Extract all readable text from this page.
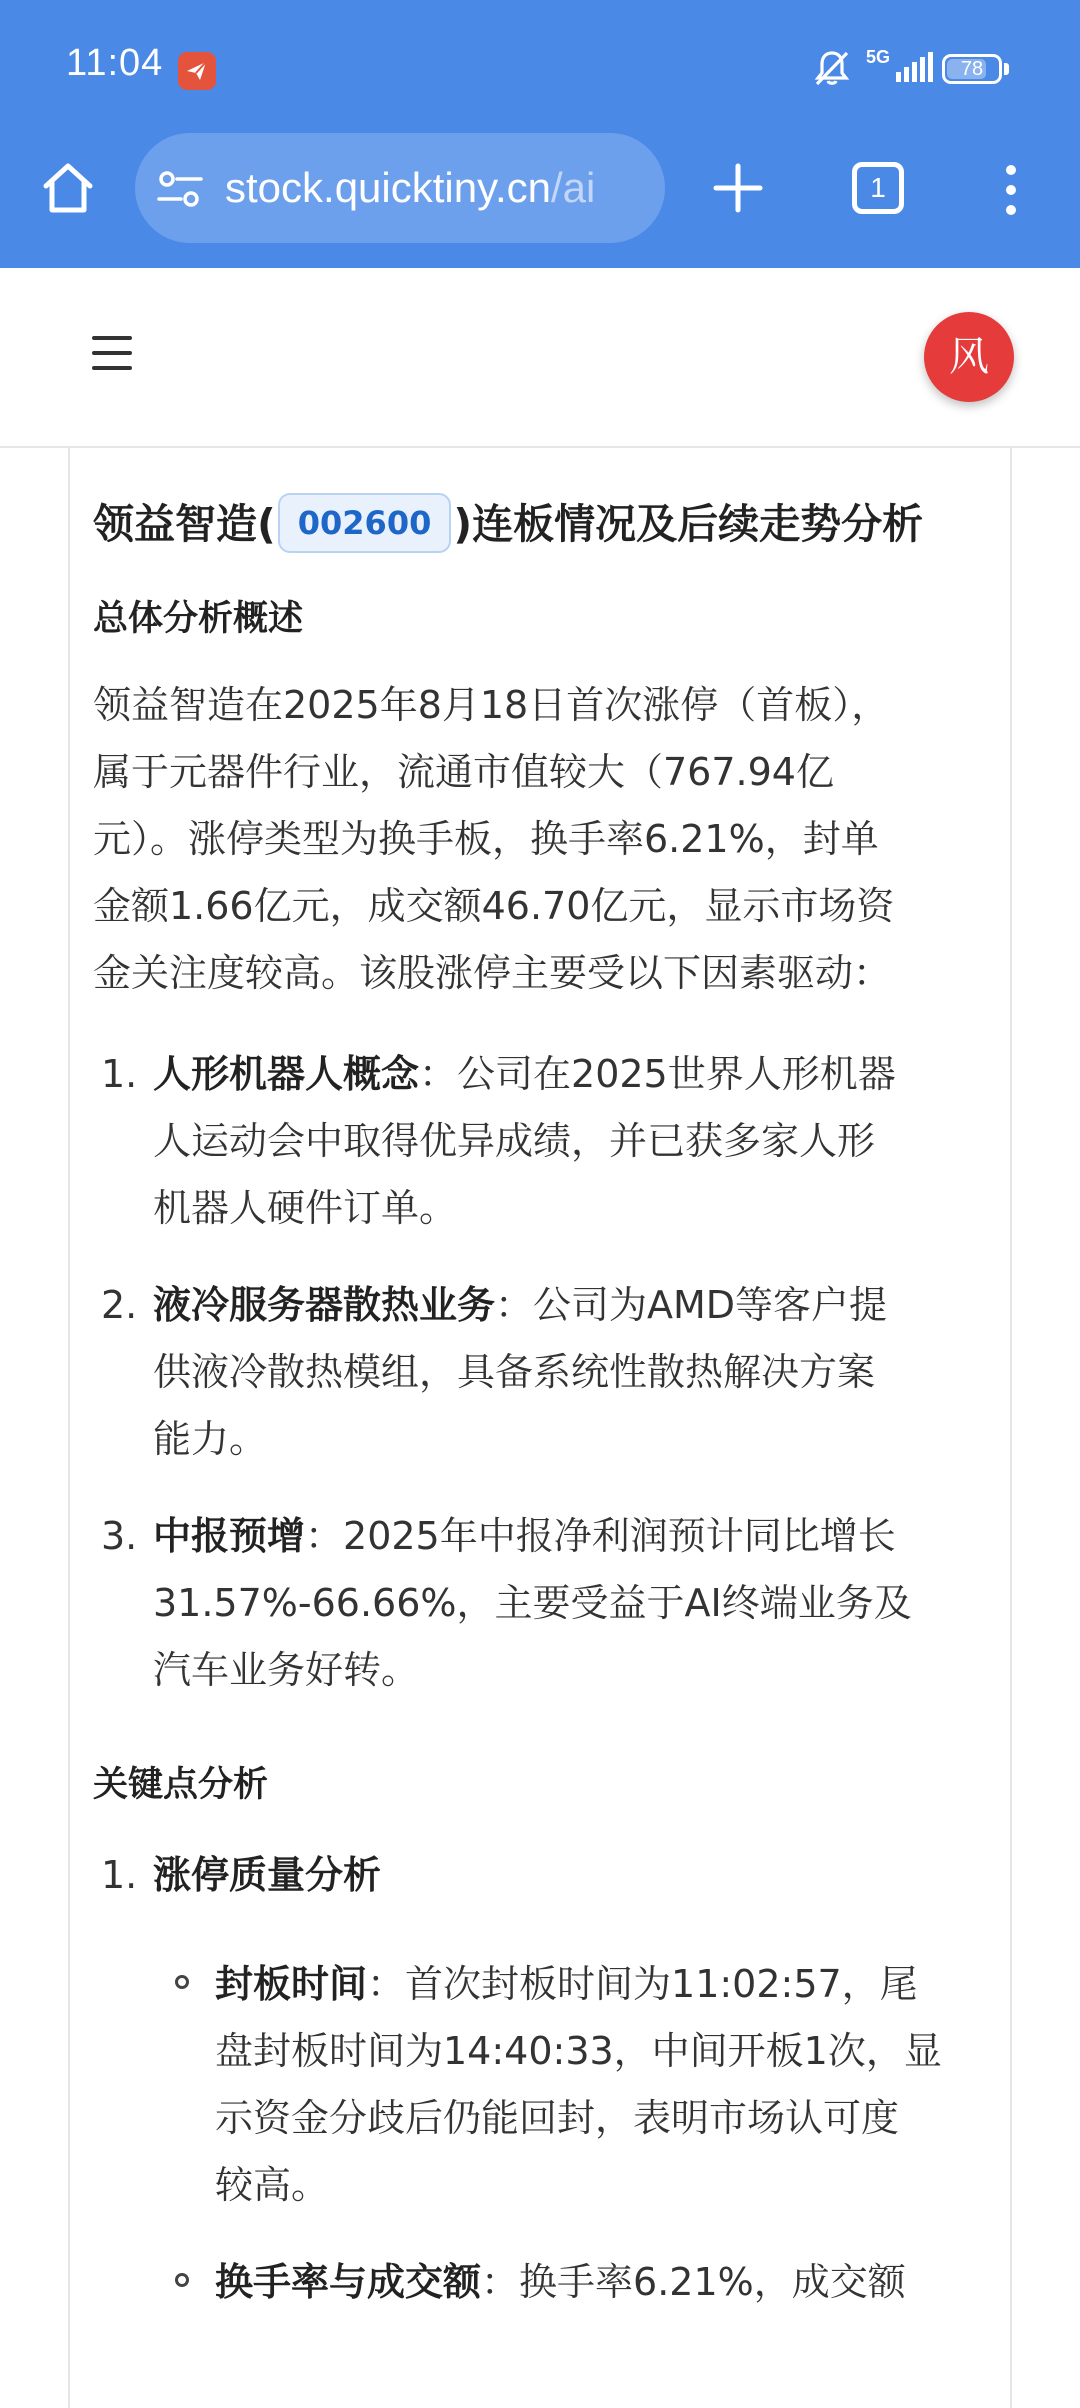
11:04	5G
78
stock.quicktiny.cn/ai	1
风
领益智造( 002600 )连板情况及后续走势分析
总体分析概述
领益智造在2025年8月18日首次涨停（首板），
属于元器件行业，流通市值较大（767.94亿
元）。涨停类型为换手板，换手率6.21%，封单
金额1.66亿元，成交额46.70亿元，显示市场资
金关注度较高。该股涨停主要受以下因素驱动：
1. 人形机器人概念：公司在2025世界人形机器
人运动会中取得优异成绩，并已获多家人形
机器人硬件订单。
2. 液冷服务器散热业务：公司为AMD等客户提
供液冷散热模组，具备系统性散热解决方案
能力。
3. 中报预增：2025年中报净利润预计同比增长
31.57%-66.66%，主要受益于AI终端业务及
汽车业务好转。
关键点分析
1. 涨停质量分析
封板时间：首次封板时间为11:02:57，尾
盘封板时间为14:40:33，中间开板1次，显
示资金分歧后仍能回封，表明市场认可度
较高。
换手率与成交额：换手率6.21%，成交额
